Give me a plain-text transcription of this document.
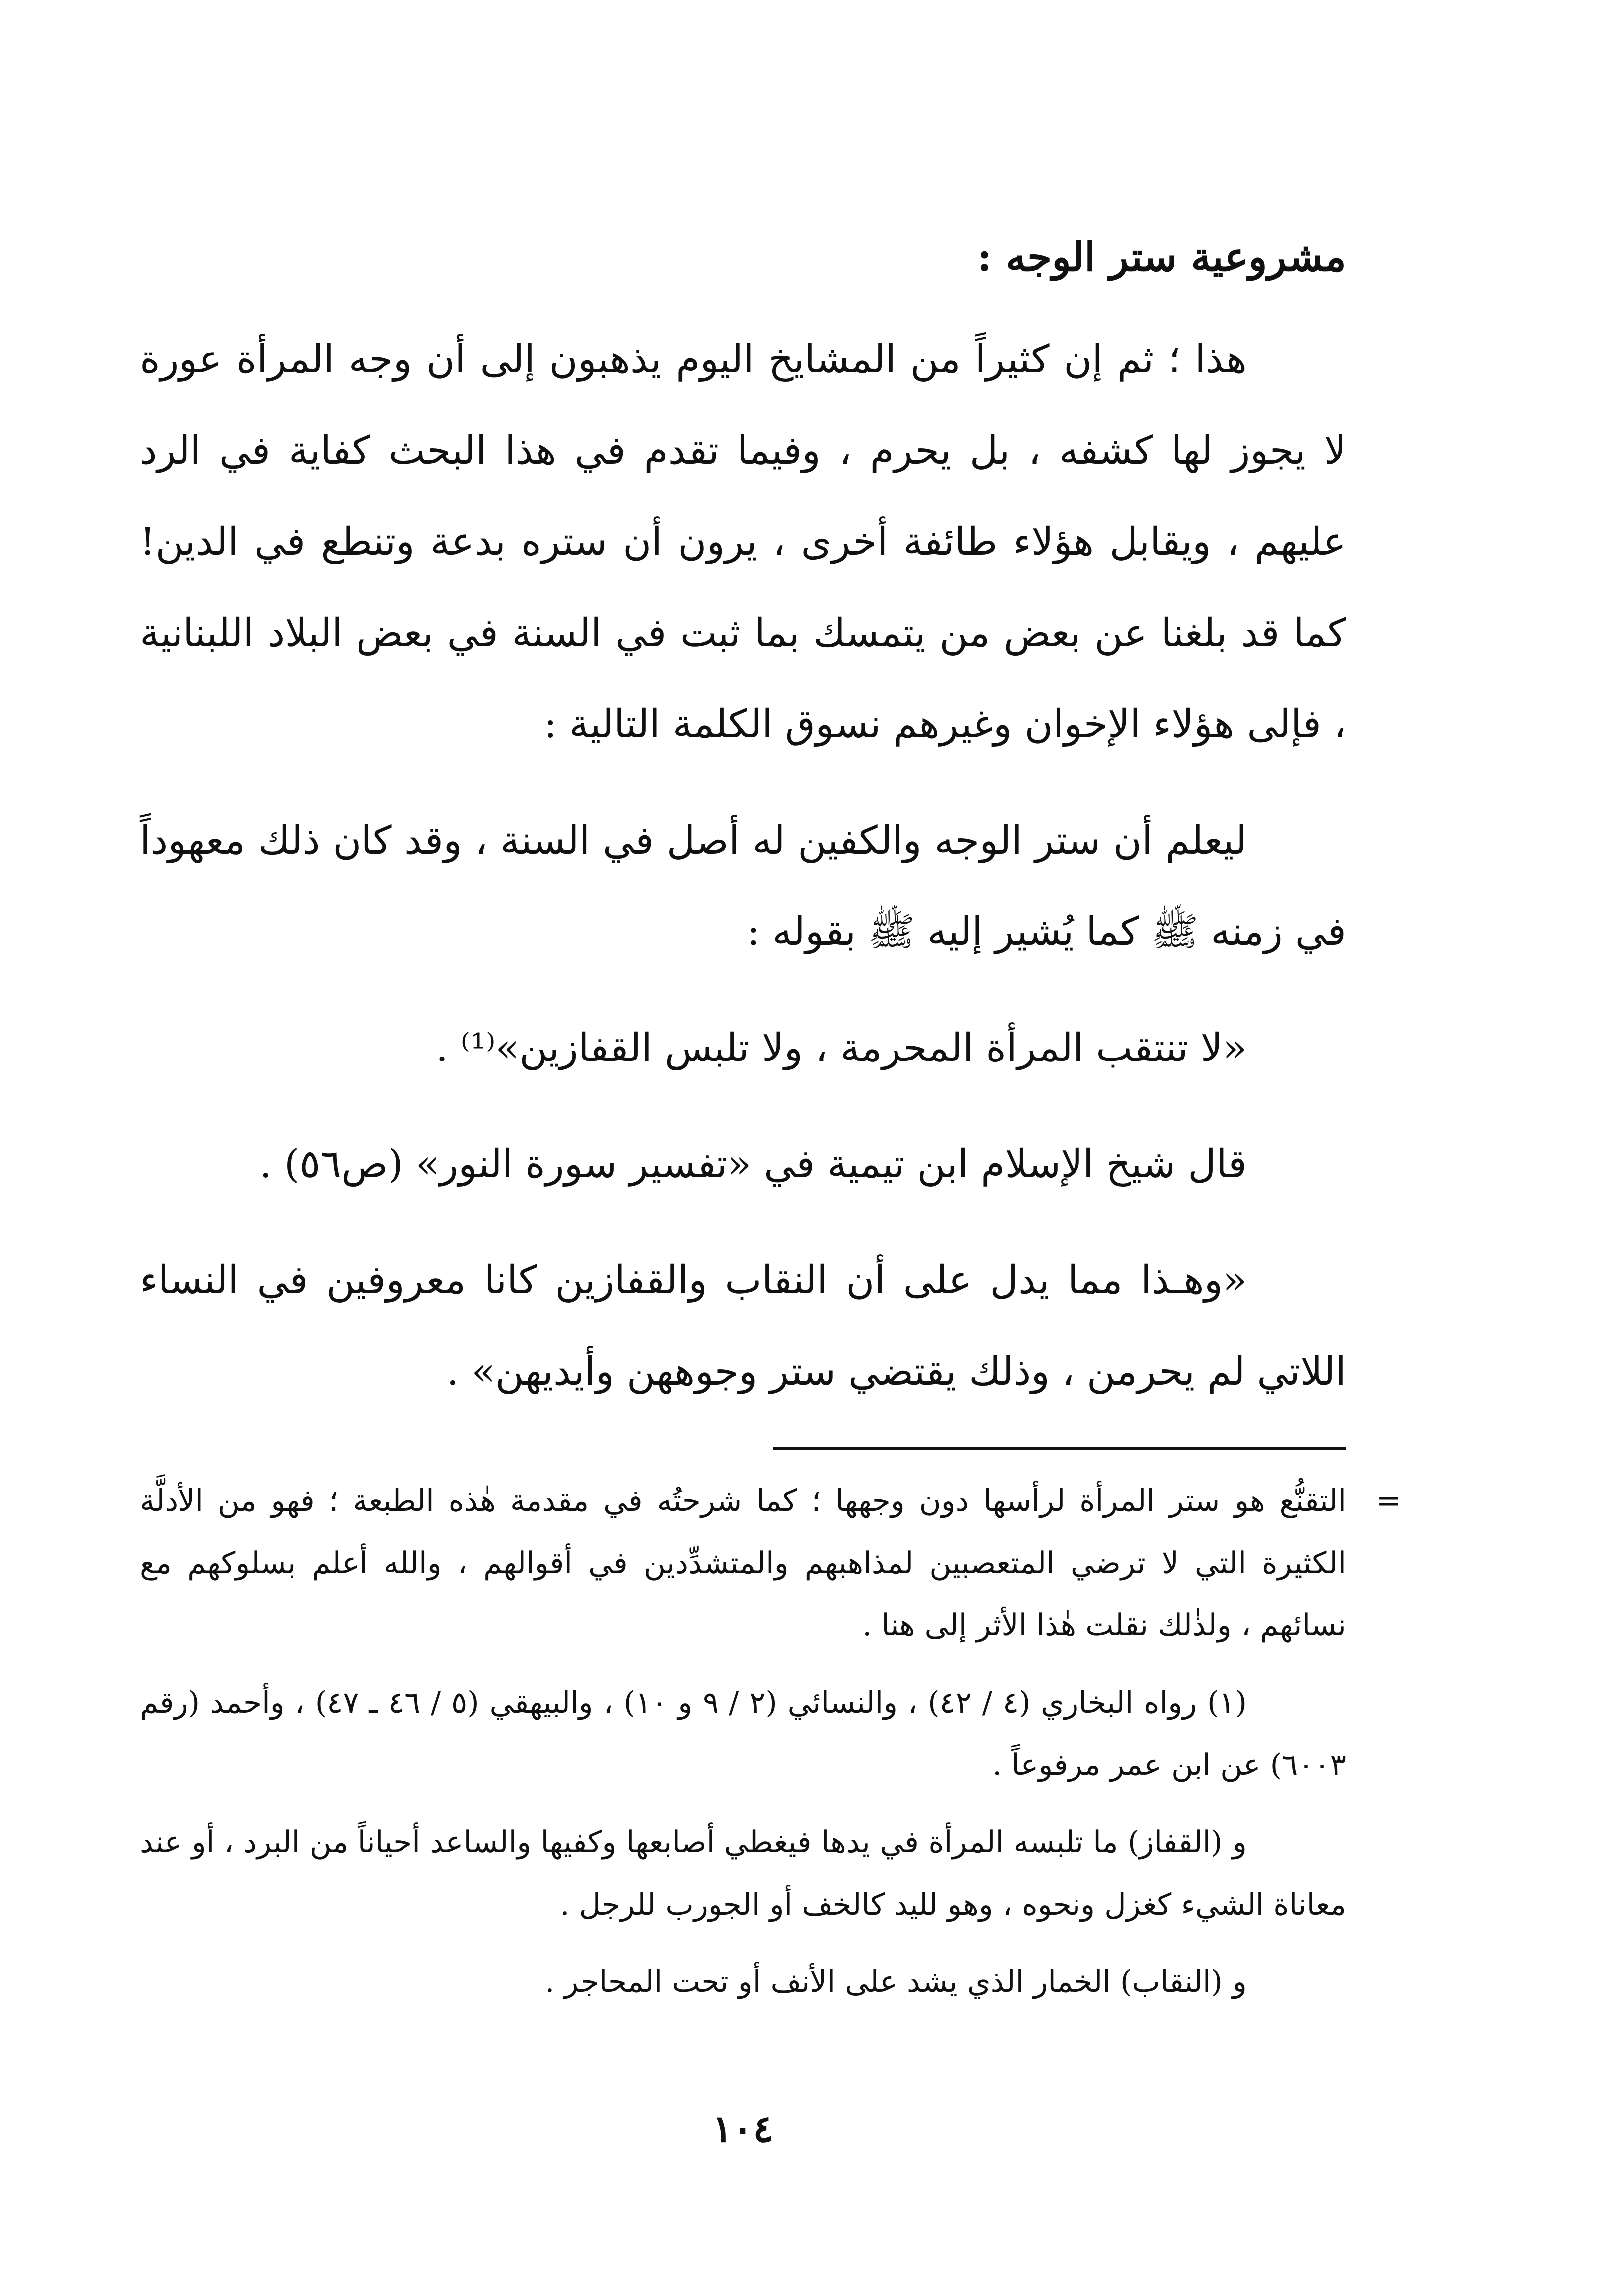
مشروعية ستر الوجه :

هذا ؛ ثم إن كثيراً من المشايخ اليوم يذهبون إلى أن وجه المرأة عورة لا يجوز لها كشفه ، بل يحرم ، وفيما تقدم في هذا البحث كفاية في الرد عليهم ، ويقابل هؤلاء طائفة أخرى ، يرون أن ستره بدعة وتنطع في الدين! كما قد بلغنا عن بعض من يتمسك بما ثبت في السنة في بعض البلاد اللبنانية ، فإلى هؤلاء الإخوان وغيرهم نسوق الكلمة التالية :

ليعلم أن ستر الوجه والكفين له أصل في السنة ، وقد كان ذلك معهوداً في زمنه ﷺ كما يُشير إليه ﷺ بقوله :

«لا تنتقب المرأة المحرمة ، ولا تلبس القفازين»⁽¹⁾ .

قال شيخ الإسلام ابن تيمية في «تفسير سورة النور» (ص٥٦) .

«وهـذا مما يدل على أن النقاب والقفازين كانا معروفين في النساء اللاتي لم يحرمن ، وذلك يقتضي ستر وجوههن وأيديهن» .

=
التقنُّع هو ستر المرأة لرأسها دون وجهها ؛ كما شرحتُه في مقدمة هٰذه الطبعة ؛ فهو من الأدلَّة الكثيرة التي لا ترضي المتعصبين لمذاهبهم والمتشدِّدين في أقوالهم ، والله أعلم بسلوكهم مع نسائهم ، ولذٰلك نقلت هٰذا الأثر إلى هنا .

(١) رواه البخاري (٤ / ٤٢) ، والنسائي (٢ / ٩ و ١٠) ، والبيهقي (٥ / ٤٦ ـ ٤٧) ، وأحمد (رقم ٦٠٠٣) عن ابن عمر مرفوعاً .

و (القفاز) ما تلبسه المرأة في يدها فيغطي أصابعها وكفيها والساعد أحياناً من البرد ، أو عند معاناة الشيء كغزل ونحوه ، وهو لليد كالخف أو الجورب للرجل .

و (النقاب) الخمار الذي يشد على الأنف أو تحت المحاجر .

١٠٤
